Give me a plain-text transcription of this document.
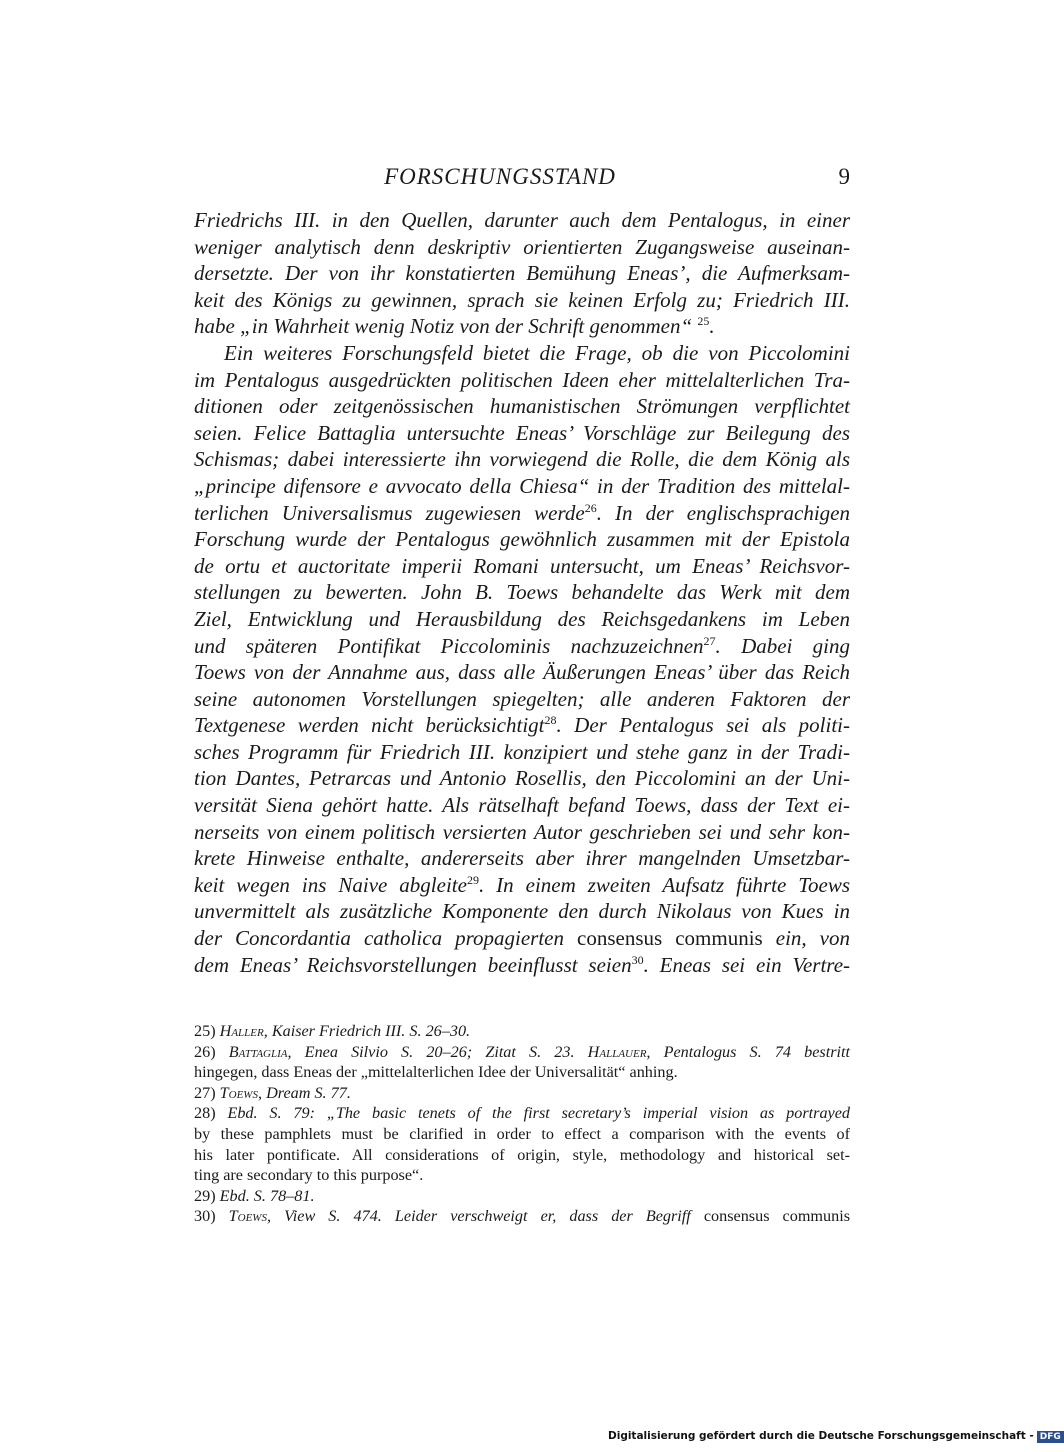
FORSCHUNGSSTAND	9
Friedrichs III. in den Quellen, darunter auch dem Pentalogus, in einer
weniger analytisch denn deskriptiv orientierten Zugangsweise auseinan-
dersetzte. Der von ihr konstatierten Bemühung Eneas’, die Aufmerksam-
keit des Königs zu gewinnen, sprach sie keinen Erfolg zu; Friedrich III.
habe „in Wahrheit wenig Notiz von der Schrift genommen“ $^{25}$.
Ein weiteres Forschungsfeld bietet die Frage, ob die von Piccolomini
im Pentalogus ausgedrückten politischen Ideen eher mittelalterlichen Tra-
ditionen oder zeitgenössischen humanistischen Strömungen verpflichtet
seien. Felice Battaglia untersuchte Eneas’ Vorschläge zur Beilegung des
Schismas; dabei interessierte ihn vorwiegend die Rolle, die dem König als
„principe difensore e avvocato della Chiesa“ in der Tradition des mittelal-
terlichen Universalismus zugewiesen werde$^{26}$. In der englischsprachigen
Forschung wurde der Pentalogus gewöhnlich zusammen mit der Epistola
de ortu et auctoritate imperii Romani untersucht, um Eneas’ Reichsvor-
stellungen zu bewerten. John B. Toews behandelte das Werk mit dem
Ziel, Entwicklung und Herausbildung des Reichsgedankens im Leben
und späteren Pontifikat Piccolominis nachzuzeichnen$^{27}$. Dabei ging
Toews von der Annahme aus, dass alle Äußerungen Eneas’ über das Reich
seine autonomen Vorstellungen spiegelten; alle anderen Faktoren der
Textgenese werden nicht berücksichtigt$^{28}$. Der Pentalogus sei als politi-
sches Programm für Friedrich III. konzipiert und stehe ganz in der Tradi-
tion Dantes, Petrarcas und Antonio Rosellis, den Piccolomini an der Uni-
versität Siena gehört hatte. Als rätselhaft befand Toews, dass der Text ei-
nerseits von einem politisch versierten Autor geschrieben sei und sehr kon-
krete Hinweise enthalte, andererseits aber ihrer mangelnden Umsetzbar-
keit wegen ins Naive abgleite$^{29}$. In einem zweiten Aufsatz führte Toews
unvermittelt als zusätzliche Komponente den durch Nikolaus von Kues in
der Concordantia catholica propagierten consensus communis ein, von
dem Eneas’ Reichsvorstellungen beeinflusst seien$^{30}$. Eneas sei ein Vertre-
25) Haller, Kaiser Friedrich III. S. 26–30.
26) Battaglia, Enea Silvio S. 20–26; Zitat S. 23. Hallauer, Pentalogus S. 74 bestritt
hingegen, dass Eneas der „mittelalterlichen Idee der Universalität“ anhing.
27) Toews, Dream S. 77.
28) Ebd. S. 79: „The basic tenets of the first secretary’s imperial vision as portrayed
by these pamphlets must be clarified in order to effect a comparison with the events of
his later pontificate. All considerations of origin, style, methodology and historical set-
ting are secondary to this purpose“.
29) Ebd. S. 78–81.
30) Toews, View S. 474. Leider verschweigt er, dass der Begriff consensus communis
Digitalisierung gefördert durch die Deutsche Forschungsgemeinschaft - DFG
